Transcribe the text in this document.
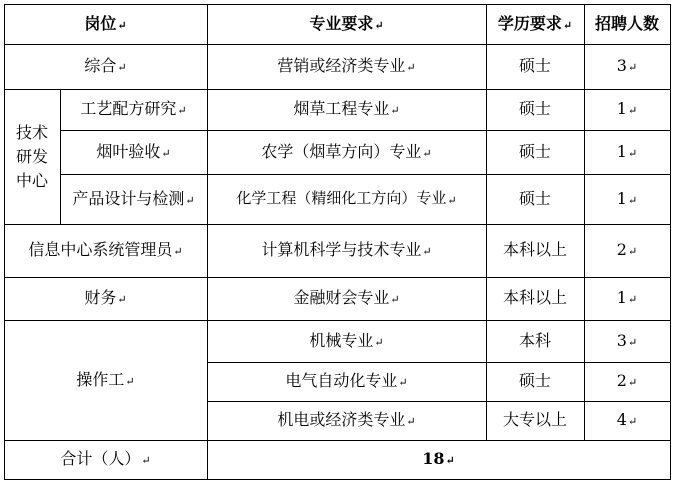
岗位 ↵	专业要求 ↵	学历要求 ↵ 招聘人数
综合 ↵	营销或经济类专业 ↵	硕士	3 ↵
技术
研发
中心
工艺配方研究 ↵	烟草工程专业 ↵	硕士	1 ↵
烟叶验收 ↵	农学（烟草方向）专业 ↵	硕士	1 ↵
产品设计与检测 ↵	化学工程（精细化工方向）专业 ↵	硕士	1 ↵
信息中心系统管理员 ↵	计算机科学与技术专业 ↵	本科以上	2 ↵
财务 ↵	金融财会专业 ↵	本科以上	1 ↵
操作工 ↵
机械专业 ↵	本科	3 ↵
电气自动化专业 ↵	硕士	2 ↵
机电或经济类专业 ↵	大专以上	4 ↵
合计（人） ↵	18 ↵
